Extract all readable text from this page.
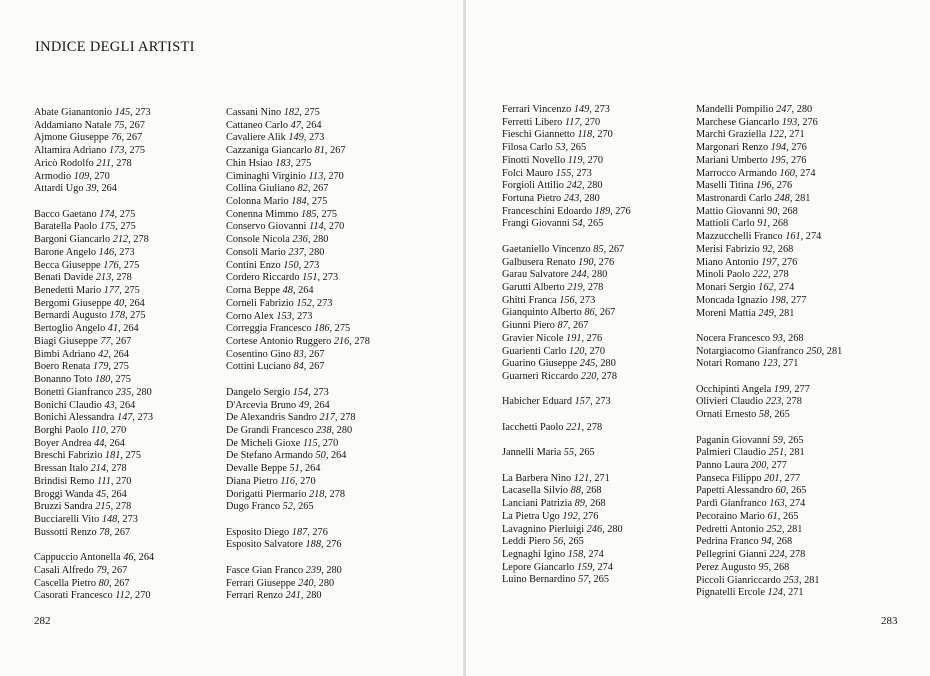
INDICE DEGLI ARTISTI
Abate Gianantonio 145, 273
Addamiano Natale 75, 267
Ajmone Giuseppe 76, 267
Altamira Adriano 173, 275
Aricò Rodolfo 211, 278
Armodio 109, 270
Attardi Ugo 39, 264
Bacco Gaetano 174, 275
Baratella Paolo 175, 275
Bargoni Giancarlo 212, 278
Barone Angelo 146, 273
Becca Giuseppe 176, 275
Benati Davide 213, 278
Benedetti Mario 177, 275
Bergomi Giuseppe 40, 264
Bernardi Augusto 178, 275
Bertoglio Angelo 41, 264
Biagi Giuseppe 77, 267
Bimbi Adriano 42, 264
Boero Renata 179, 275
Bonanno Toto 180, 275
Bonetti Gianfranco 235, 280
Bonichi Claudio 43, 264
Bonichi Alessandra 147, 273
Borghi Paolo 110, 270
Boyer Andrea 44, 264
Breschi Fabrizio 181, 275
Bressan Italo 214, 278
Brindisi Remo 111, 270
Broggi Wanda 45, 264
Bruzzi Sandra 215, 278
Bucciarelli Vito 148, 273
Bussotti Renzo 78, 267
Cappuccio Antonella 46, 264
Casali Alfredo 79, 267
Cascella Pietro 80, 267
Casorati Francesco 112, 270
Cassani Nino 182, 275
Cattaneo Carlo 47, 264
Cavaliere Alik 149, 273
Cazzaniga Giancarlo 81, 267
Chin Hsiao 183, 275
Ciminaghi Virginio 113, 270
Collina Giuliano 82, 267
Colonna Mario 184, 275
Conenna Mimmo 185, 275
Conservo Giovanni 114, 270
Console Nicola 236, 280
Consoli Mario 237, 280
Contini Enzo 150, 273
Cordero Riccardo 151, 273
Corna Beppe 48, 264
Corneli Fabrizio 152, 273
Corno Alex 153, 273
Correggia Francesco 186, 275
Cortese Antonio Ruggero 216, 278
Cosentino Gino 83, 267
Cottini Luciano 84, 267
Dangelo Sergio 154, 273
D'Arcevia Bruno 49, 264
De Alexandris Sandro 217, 278
De Grandi Francesco 238, 280
De Micheli Gioxe 115, 270
De Stefano Armando 50, 264
Devalle Beppe 51, 264
Diana Pietro 116, 270
Dorigatti Piermario 218, 278
Dugo Franco 52, 265
Esposito Diego 187, 276
Esposito Salvatore 188, 276
Fasce Gian Franco 239, 280
Ferrari Giuseppe 240, 280
Ferrari Renzo 241, 280
Ferrari Vincenzo 149, 273
Ferretti Libero 117, 270
Fieschi Giannetto 118, 270
Filosa Carlo 53, 265
Finotti Novello 119, 270
Folci Mauro 155, 273
Forgioli Attilio 242, 280
Fortuna Pietro 243, 280
Franceschini Edoardo 189, 276
Frangi Giovanni 54, 265
Gaetaniello Vincenzo 85, 267
Galbusera Renato 190, 276
Garau Salvatore 244, 280
Garutti Alberto 219, 278
Ghitti Franca 156, 273
Gianquinto Alberto 86, 267
Giunni Piero 87, 267
Gravier Nicole 191, 276
Guarienti Carlo 120, 270
Guarino Giuseppe 245, 280
Guarneri Riccardo 220, 278
Habicher Eduard 157, 273
Iacchetti Paolo 221, 278
Jannelli Maria 55, 265
La Barbera Nino 121, 271
Lacasella Silvio 88, 268
Lanciani Patrizia 89, 268
La Pietra Ugo 192, 276
Lavagnino Pierluigi 246, 280
Leddi Piero 56, 265
Legnaghi Igino 158, 274
Lepore Giancarlo 159, 274
Luino Bernardino 57, 265
Mandelli Pompilio 247, 280
Marchese Giancarlo 193, 276
Marchi Graziella 122, 271
Margonari Renzo 194, 276
Mariani Umberto 195, 276
Marrocco Armando 160, 274
Maselli Titina 196, 276
Mastronardi Carlo 248, 281
Mattio Giovanni 90, 268
Mattioli Carlo 91, 268
Mazzucchelli Franco 161, 274
Merisi Fabrizio 92, 268
Miano Antonio 197, 276
Minoli Paolo 222, 278
Monari Sergio 162, 274
Moncada Ignazio 198, 277
Moreni Mattia 249, 281
Nocera Francesco 93, 268
Notargiacomo Gianfranco 250, 281
Notari Romano 123, 271
Occhipinti Angela 199, 277
Olivieri Claudio 223, 278
Ornati Ernesto 58, 265
Paganin Giovanni 59, 265
Palmieri Claudio 251, 281
Panno Laura 200, 277
Panseca Filippo 201, 277
Papetti Alessandro 60, 265
Pardi Gianfranco 163, 274
Pecoraino Mario 61, 265
Pedretti Antonio 252, 281
Pedrina Franco 94, 268
Pellegrini Gianni 224, 278
Perez Augusto 95, 268
Piccoli Gianriccardo 253, 281
Pignatelli Ercole 124, 271
282	283
